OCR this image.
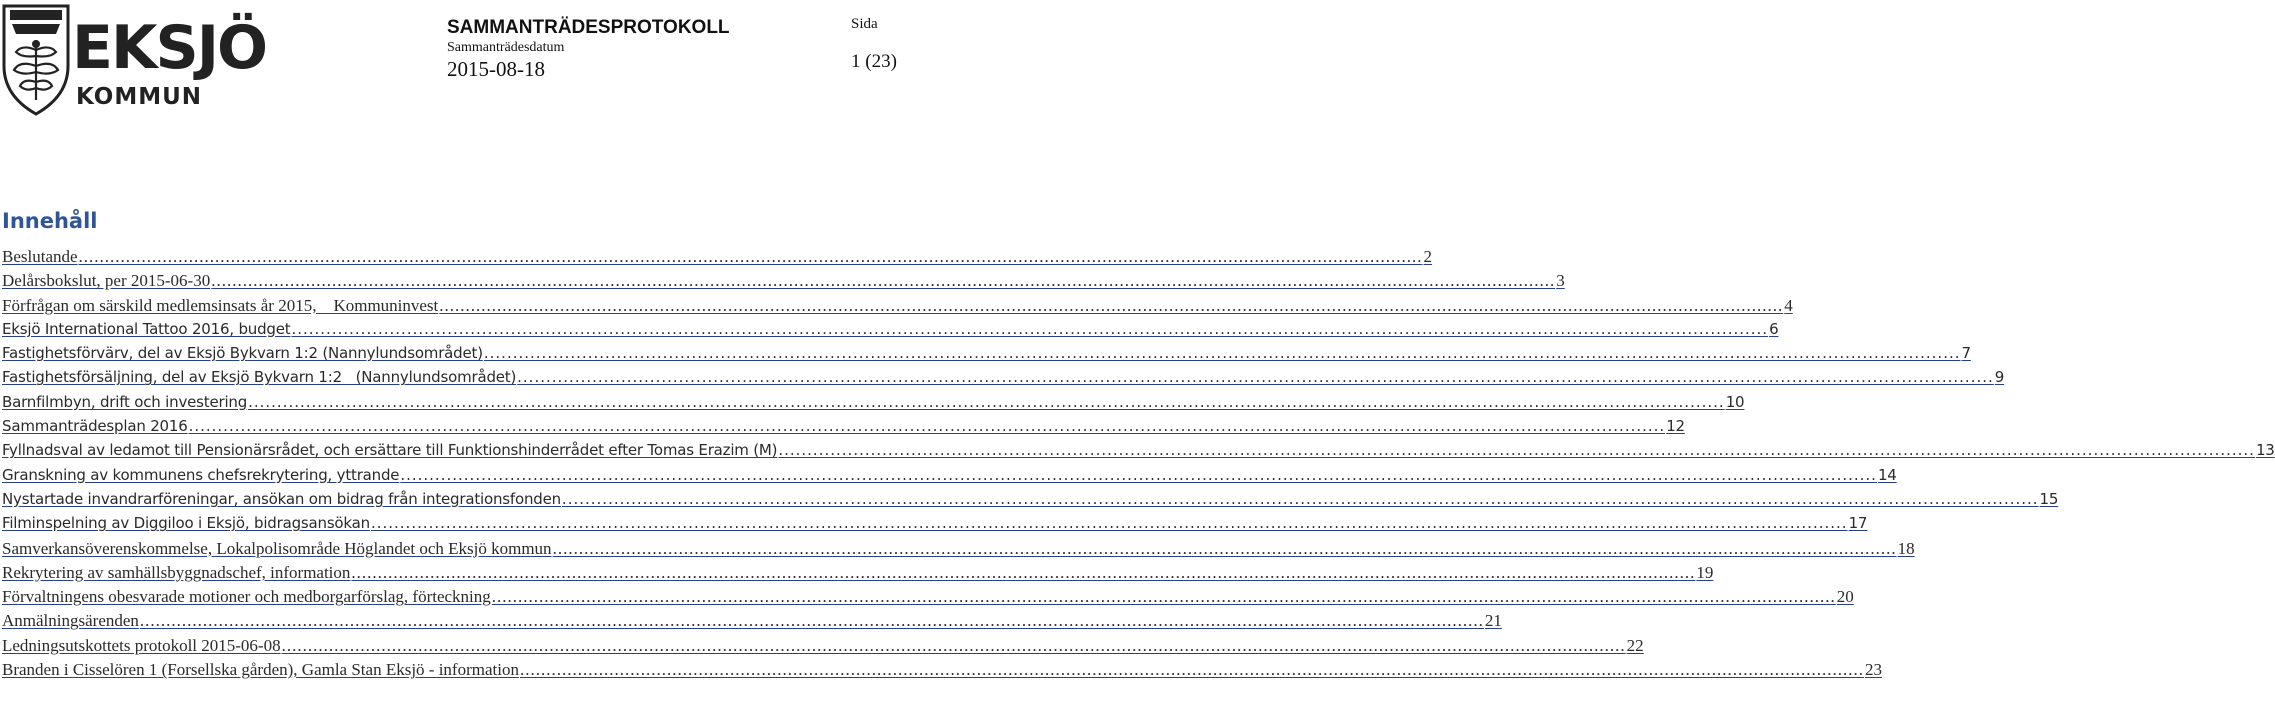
EKSJÖ
KOMMUN
SAMMANTRÄDESPROTOKOLL
Sammanträdesdatum
2015-08-18
Sida
1 (23)
Innehåll
Beslutande .....	2
Delårsbokslut, per 2015-06-30 .....	3
Förfrågan om särskild medlemsinsats år 2015,    Kommuninvest .....	4
Eksjö International Tattoo 2016, budget .....	6
Fastighetsförvärv, del av Eksjö Bykvarn 1:2 (Nannylundsområdet) .....	7
Fastighetsförsäljning, del av Eksjö Bykvarn 1:2   (Nannylundsområdet) .....	9
Barnfilmbyn, drift och investering .....	10
Sammanträdesplan 2016 .....	12
Fyllnadsval av ledamot till Pensionärsrådet, och ersättare till Funktionshinderrådet efter Tomas Erazim (M) .....	13
Granskning av kommunens chefsrekrytering, yttrande .....	14
Nystartade invandrarföreningar, ansökan om bidrag från integrationsfonden .....	15
Filminspelning av Diggiloo i Eksjö, bidragsansökan .....	17
Samverkansöverenskommelse, Lokalpolisområde Höglandet och Eksjö kommun .....	18
Rekrytering av samhällsbyggnadschef, information .....	19
Förvaltningens obesvarade motioner och medborgarförslag, förteckning .....	20
Anmälningsärenden .....	21
Ledningsutskottets protokoll 2015-06-08 .....	22
Branden i Cisselören 1 (Forsellska gården), Gamla Stan Eksjö - information .....	23
